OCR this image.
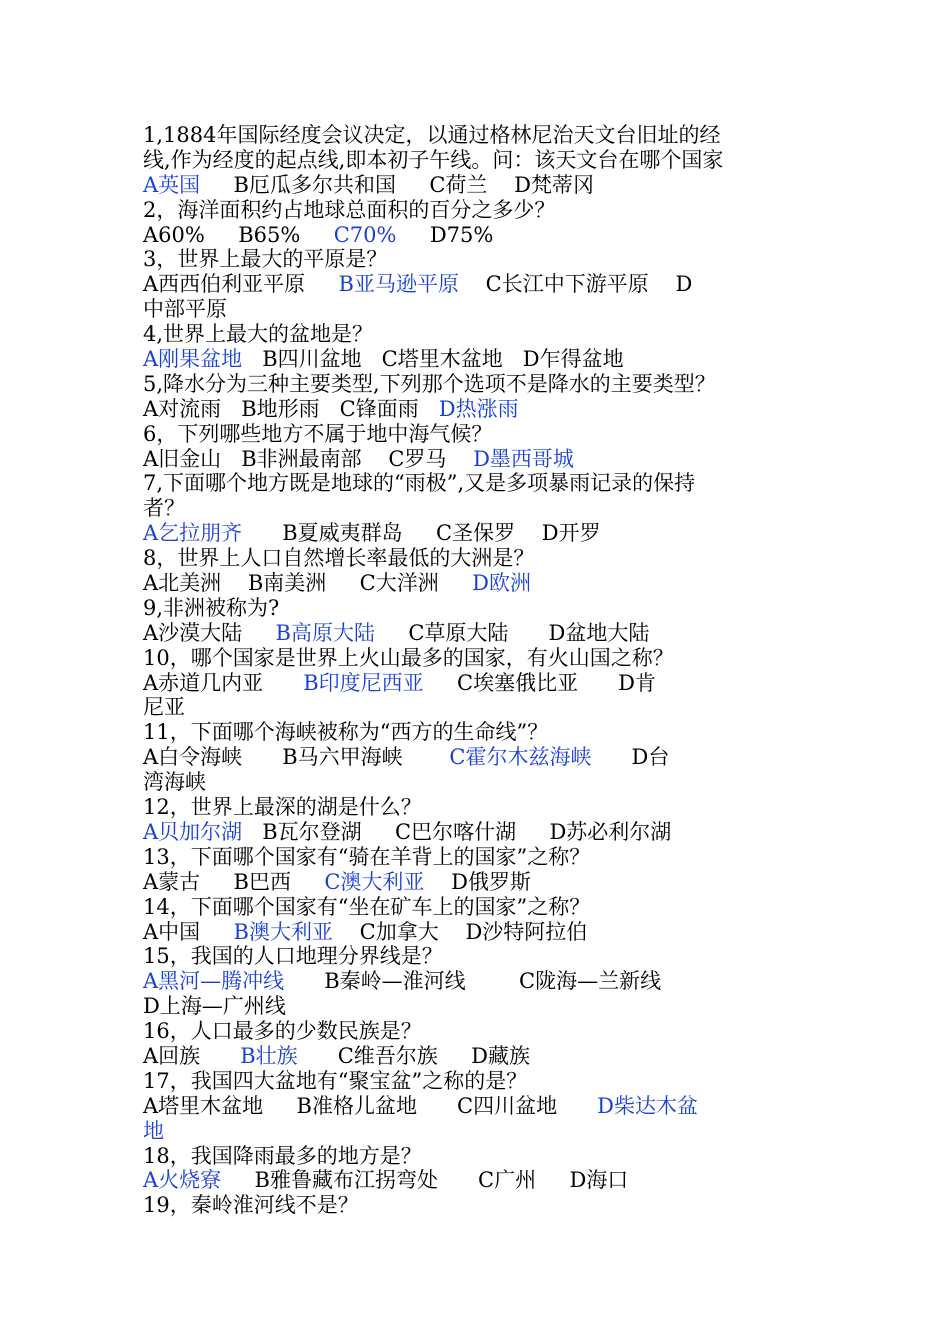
1,1884年国际经度会议决定，以通过格林尼治天文台旧址的经
线,作为经度的起点线,即本初子午线。问：该天文台在哪个国家
A英国     B厄瓜多尔共和国     C荷兰    D梵蒂冈
2，海洋面积约占地球总面积的百分之多少？
A60%     B65%     C70%     D75%
3，世界上最大的平原是？
A西西伯利亚平原     B亚马逊平原    C长江中下游平原    D
中部平原
4,世界上最大的盆地是？
A刚果盆地   B四川盆地   C塔里木盆地   D乍得盆地
5,降水分为三种主要类型,下列那个选项不是降水的主要类型？
A对流雨   B地形雨   C锋面雨   D热涨雨
6，下列哪些地方不属于地中海气候？
A旧金山   B非洲最南部    C罗马    D墨西哥城
7,下面哪个地方既是地球的“雨极”,又是多项暴雨记录的保持
者？
A乞拉朋齐      B夏威夷群岛     C圣保罗    D开罗
8，世界上人口自然增长率最低的大洲是？
A北美洲    B南美洲     C大洋洲     D欧洲
9,非洲被称为?
A沙漠大陆     B高原大陆     C草原大陆      D盆地大陆
10，哪个国家是世界上火山最多的国家，有火山国之称？
A赤道几内亚      B印度尼西亚     C埃塞俄比亚      D肯
尼亚
11，下面哪个海峡被称为“西方的生命线”？
A白令海峡      B马六甲海峡       C霍尔木兹海峡      D台
湾海峡
12，世界上最深的湖是什么？
A贝加尔湖   B瓦尔登湖     C巴尔喀什湖     D苏必利尔湖
13，下面哪个国家有“骑在羊背上的国家”之称？
A蒙古     B巴西     C澳大利亚    D俄罗斯
14，下面哪个国家有“坐在矿车上的国家”之称？
A中国     B澳大利亚    C加拿大    D沙特阿拉伯
15，我国的人口地理分界线是？
A黑河—腾冲线      B秦岭—淮河线        C陇海—兰新线
D上海—广州线
16，人口最多的少数民族是？
A回族      B壮族      C维吾尔族     D藏族
17，我国四大盆地有“聚宝盆”之称的是？
A塔里木盆地     B准格儿盆地      C四川盆地      D柴达木盆
地
18，我国降雨最多的地方是？
A火烧寮     B雅鲁藏布江拐弯处      C广州     D海口
19，秦岭淮河线不是？
